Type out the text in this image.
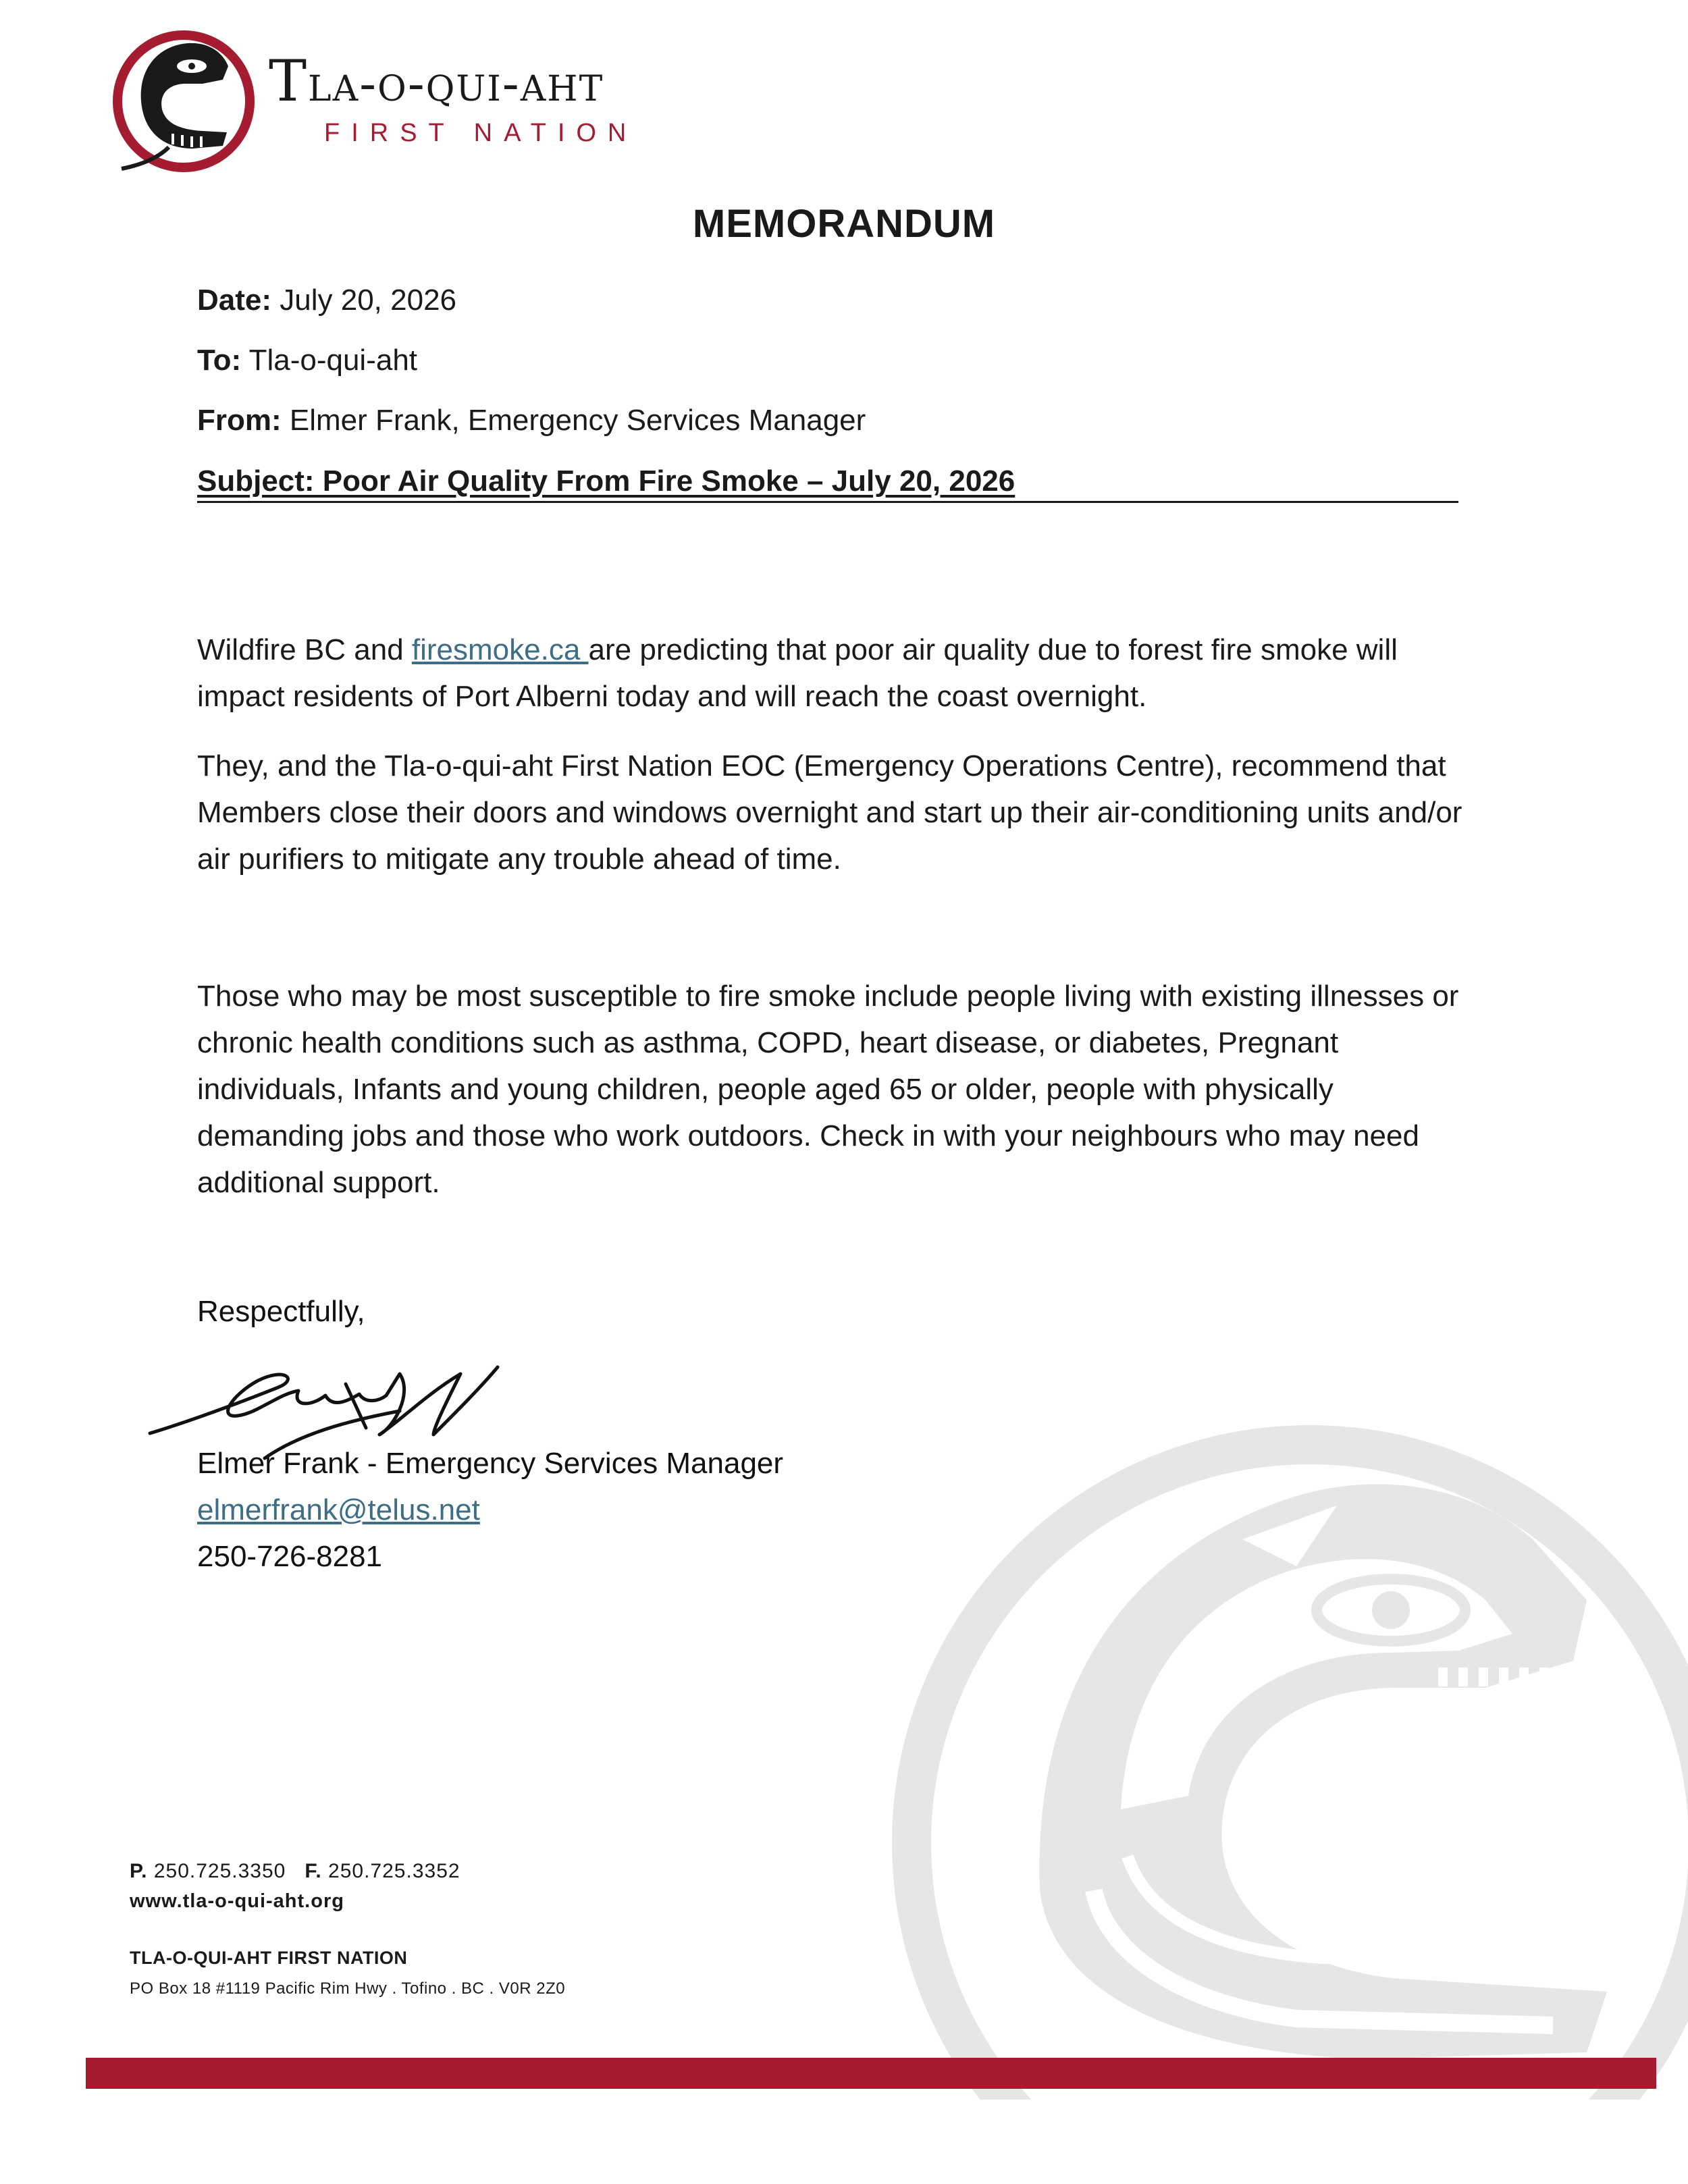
Tla-o-qui-aht
FIRST NATION
MEMORANDUM
Date: July 20, 2026
To: Tla-o-qui-aht
From: Elmer Frank, Emergency Services Manager
Subject: Poor Air Quality From Fire Smoke – July 20, 2026
Wildfire BC and firesmoke.ca are predicting that poor air quality due to forest fire smoke will impact residents of Port Alberni today and will reach the coast overnight.
They, and the Tla-o-qui-aht First Nation EOC (Emergency Operations Centre), recommend that Members close their doors and windows overnight and start up their air-conditioning units and/or air purifiers to mitigate any trouble ahead of time.
Those who may be most susceptible to fire smoke include people living with existing illnesses or chronic health conditions such as asthma, COPD, heart disease, or diabetes, Pregnant individuals, Infants and young children, people aged 65 or older, people with physically demanding jobs and those who work outdoors. Check in with your neighbours who may need additional support.
Respectfully,
Elmer Frank - Emergency Services Manager
elmerfrank@telus.net
250-726-8281
P. 250.725.3350 F. 250.725.3352
www.tla-o-qui-aht.org
TLA-O-QUI-AHT FIRST NATION
PO Box 18 #1119 Pacific Rim Hwy . Tofino . BC . V0R 2Z0
